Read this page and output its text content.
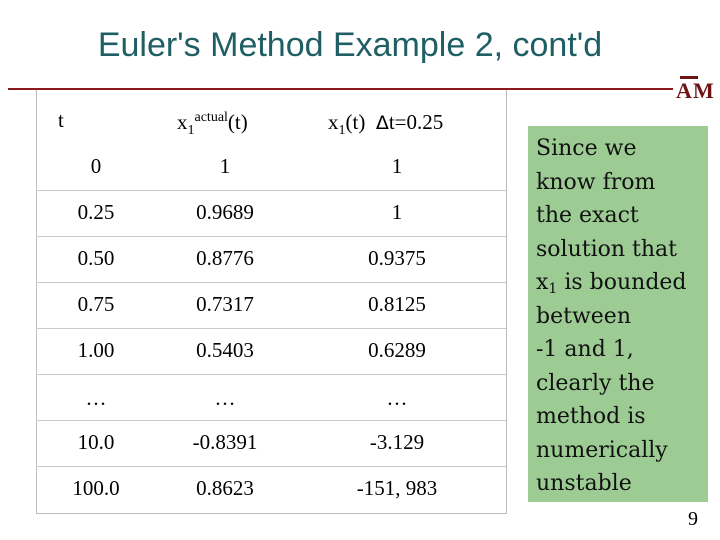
Euler's Method Example 2, cont'd
A M
t	$x_1^{actual}(t)$	$x_1(t)$ Δt=0.25
0	1	1
0.25	0.9689	1
0.50	0.8776	0.9375
0.75	0.7317	0.8125
1.00	0.5403	0.6289
…	…	…
10.0	-0.8391	-3.129
100.0	0.8623	-151, 983
Since we
know from
the exact
solution that
$x_1$ is bounded
between
-1 and 1,
clearly the
method is
numerically
unstable
9
